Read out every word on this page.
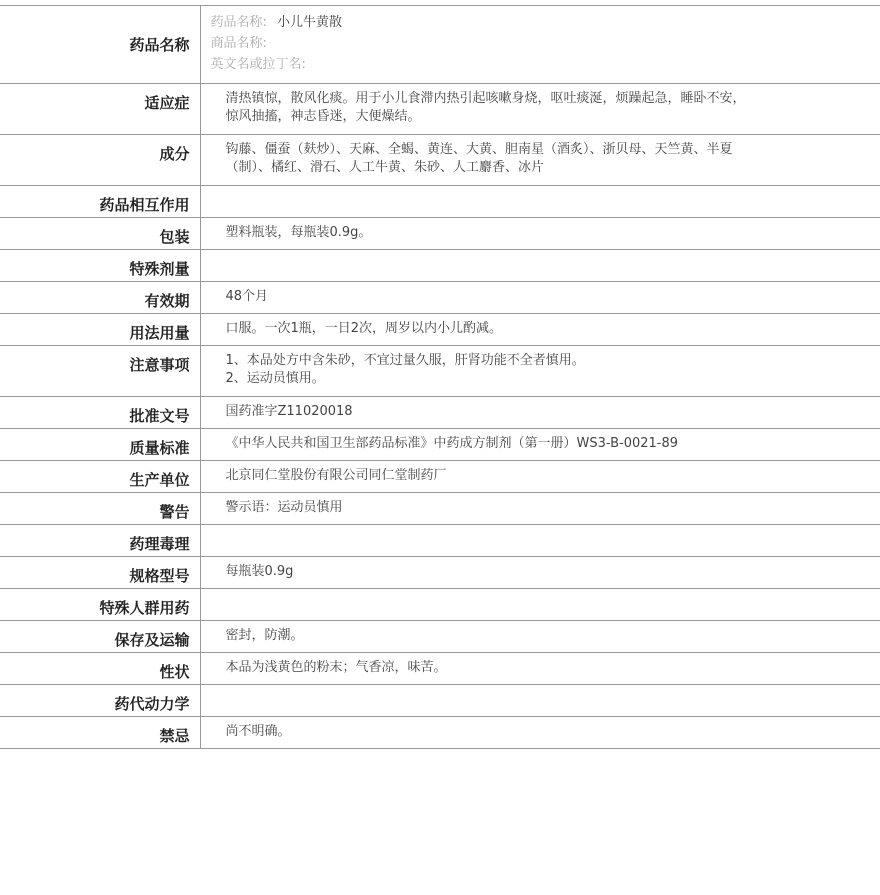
药品名称	药品名称: 小儿牛黄散
商品名称:
英文名或拉丁名:

适应症	清热镇惊，散风化痰。用于小儿食滞内热引起咳嗽身烧，呕吐痰涎，烦躁起急，睡卧不安，
惊风抽搐，神志昏迷，大便燥结。

成分	钩藤、僵蚕（麸炒）、天麻、全蝎、黄连、大黄、胆南星（酒炙）、浙贝母、天竺黄、半夏
（制）、橘红、滑石、人工牛黄、朱砂、人工麝香、冰片

药品相互作用	
包装	塑料瓶装，每瓶装0.9g。

特殊剂量	
有效期	48个月

用法用量	口服。一次1瓶，一日2次，周岁以内小儿酌减。

注意事项	1、本品处方中含朱砂，不宜过量久服，肝肾功能不全者慎用。
2、运动员慎用。

批准文号	国药准字Z11020018

质量标准	《中华人民共和国卫生部药品标准》中药成方制剂（第一册）WS3-B-0021-89

生产单位	北京同仁堂股份有限公司同仁堂制药厂

警告	警示语：运动员慎用

药理毒理	
规格型号	每瓶装0.9g

特殊人群用药	
保存及运输	密封，防潮。

性状	本品为浅黄色的粉末；气香凉，味苦。

药代动力学	
禁忌	尚不明确。
